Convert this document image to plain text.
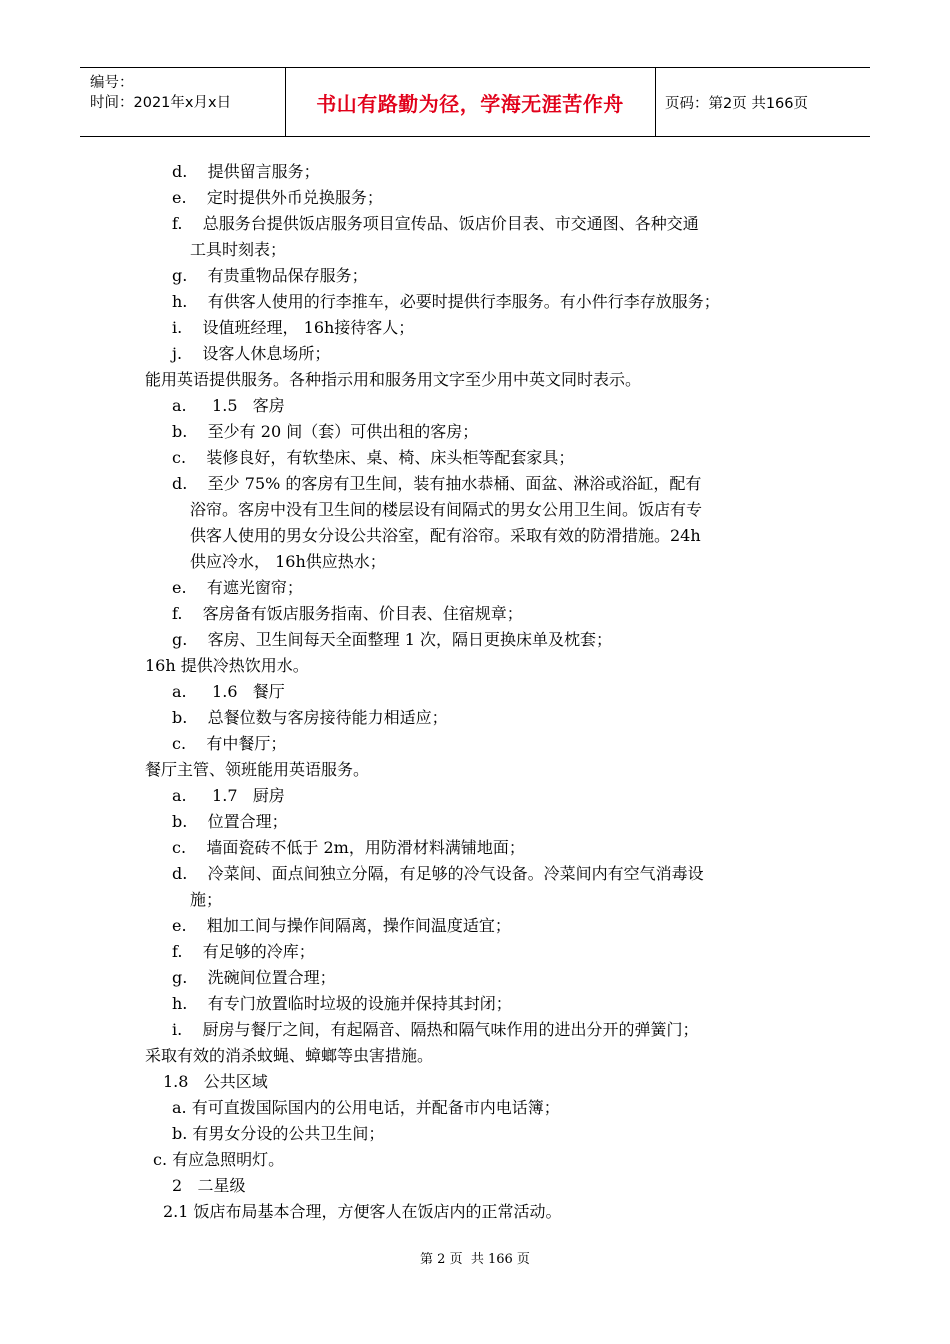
编号：
时间：2021年x月x日	书山有路勤为径，学海无涯苦作舟	页码：第2页 共166页
d.    提供留言服务；
e.    定时提供外币兑换服务；
f.    总服务台提供饭店服务项目宣传品、饭店价目表、市交通图、各种交通
工具时刻表；
g.    有贵重物品保存服务；
h.    有供客人使用的行李推车，必要时提供行李服务。有小件行李存放服务；
i.    设值班经理， 16h接待客人；
j.    设客人休息场所；
能用英语提供服务。各种指示用和服务用文字至少用中英文同时表示。
a.     1.5   客房
b.    至少有 20 间（套）可供出租的客房；
c.    装修良好，有软垫床、桌、椅、床头柜等配套家具；
d.    至少 75% 的客房有卫生间，装有抽水恭桶、面盆、淋浴或浴缸，配有
浴帘。客房中没有卫生间的楼层设有间隔式的男女公用卫生间。饭店有专
供客人使用的男女分设公共浴室，配有浴帘。采取有效的防滑措施。24h
供应冷水， 16h供应热水；
e.    有遮光窗帘；
f.    客房备有饭店服务指南、价目表、住宿规章；
g.    客房、卫生间每天全面整理 1 次，隔日更换床单及枕套；
16h 提供冷热饮用水。
a.     1.6   餐厅
b.    总餐位数与客房接待能力相适应；
c.    有中餐厅；
餐厅主管、领班能用英语服务。
a.     1.7   厨房
b.    位置合理；
c.    墙面瓷砖不低于 2m，用防滑材料满铺地面；
d.    冷菜间、面点间独立分隔，有足够的冷气设备。冷菜间内有空气消毒设
施；
e.    粗加工间与操作间隔离，操作间温度适宜；
f.    有足够的冷库；
g.    洗碗间位置合理；
h.    有专门放置临时垃圾的设施并保持其封闭；
i.    厨房与餐厅之间，有起隔音、隔热和隔气味作用的进出分开的弹簧门；
采取有效的消杀蚊蝇、蟑螂等虫害措施。
1.8   公共区域
a. 有可直拨国际国内的公用电话，并配备市内电话簿；
b. 有男女分设的公共卫生间；
c. 有应急照明灯。
2   二星级
2.1 饭店布局基本合理，方便客人在饭店内的正常活动。
第 2 页  共 166 页
